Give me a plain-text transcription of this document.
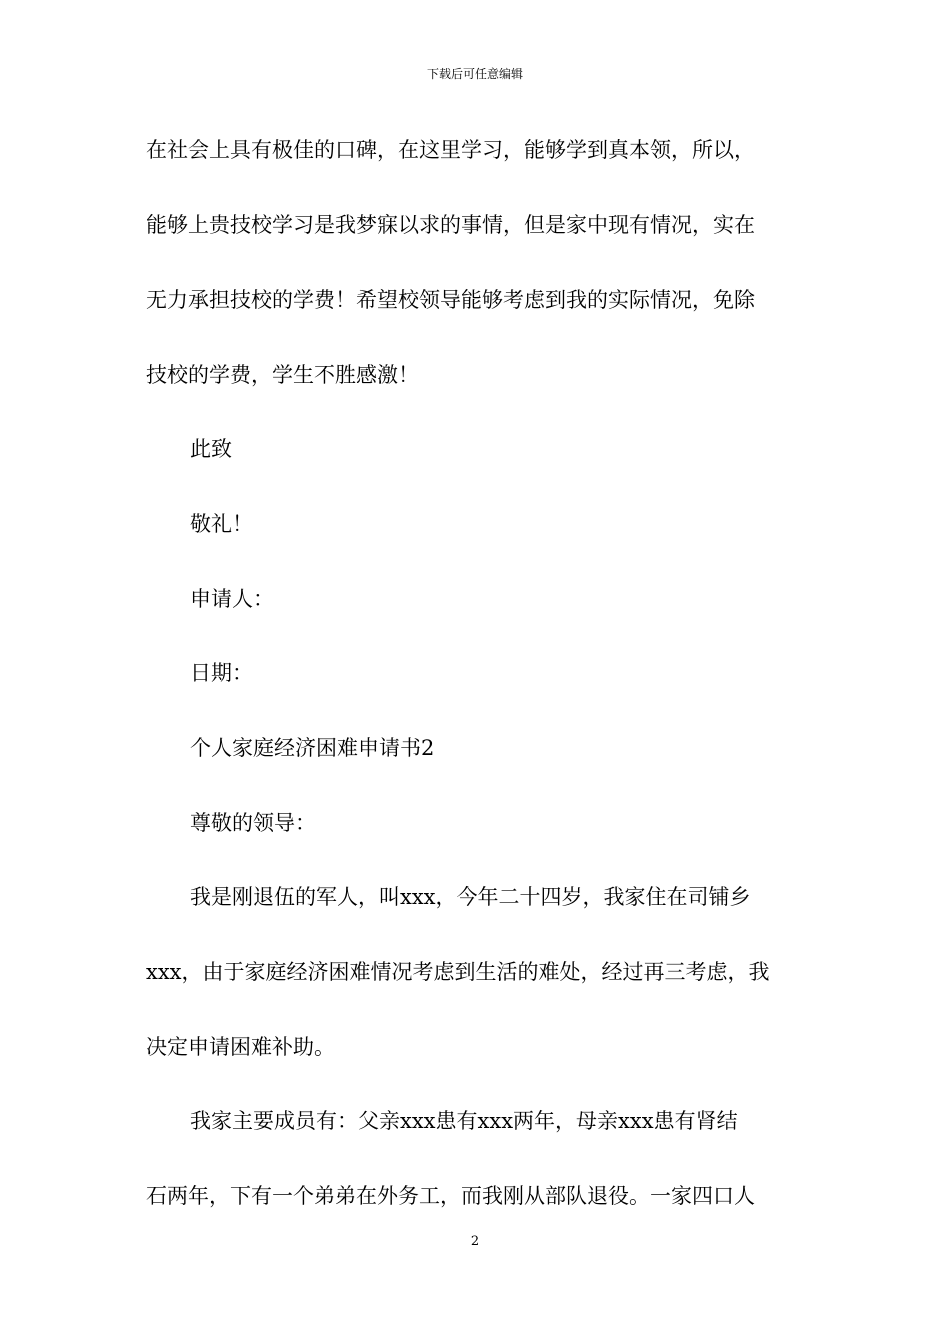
下载后可任意编辑
在社会上具有极佳的口碑，在这里学习，能够学到真本领，所以，
能够上贵技校学习是我梦寐以求的事情，但是家中现有情况，实在
无力承担技校的学费！希望校领导能够考虑到我的实际情况，免除
技校的学费，学生不胜感激！
此致
敬礼！
申请人：
日期：
个人家庭经济困难申请书2
尊敬的领导：
我是刚退伍的军人，叫xxx，今年二十四岁，我家住在司铺乡
xxx，由于家庭经济困难情况考虑到生活的难处，经过再三考虑，我
决定申请困难补助。
我家主要成员有：父亲xxx患有xxx两年，母亲xxx患有肾结
石两年，下有一个弟弟在外务工，而我刚从部队退役。一家四口人
2
